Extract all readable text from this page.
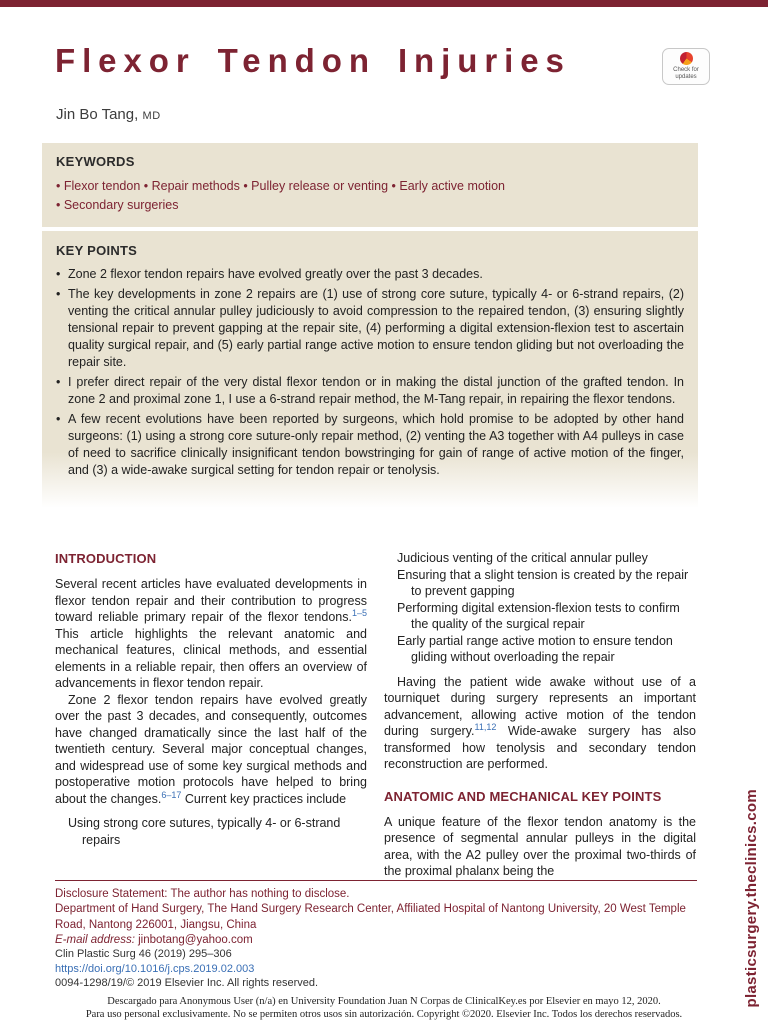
Flexor Tendon Injuries	Check for
updates
Jin Bo Tang, MD
KEYWORDS
• Flexor tendon • Repair methods • Pulley release or venting • Early active motion
• Secondary surgeries
KEY POINTS
• Zone 2 flexor tendon repairs have evolved greatly over the past 3 decades.
• The key developments in zone 2 repairs are (1) use of strong core suture, typically 4- or 6-strand repairs, (2) venting the critical annular pulley judiciously to avoid compression to the repaired tendon, (3) ensuring slightly tensional repair to prevent gapping at the repair site, (4) performing a digital extension-flexion test to ascertain quality surgical repair, and (5) early partial range active motion to ensure tendon gliding but not overloading the repair site.
• I prefer direct repair of the very distal flexor tendon or in making the distal junction of the grafted tendon. In zone 2 and proximal zone 1, I use a 6-strand repair method, the M-Tang repair, in repairing the flexor tendons.
• A few recent evolutions have been reported by surgeons, which hold promise to be adopted by other hand surgeons: (1) using a strong core suture-only repair method, (2) venting the A3 together with A4 pulleys in case of need to sacrifice clinically insignificant tendon bowstringing for gain of range of active motion of the finger, and (3) a wide-awake surgical setting for tendon repair or tenolysis.
INTRODUCTION

Several recent articles have evaluated developments in flexor tendon repair and their contribution to progress toward reliable primary repair of the flexor tendons.$^{1-5}$ This article highlights the relevant anatomic and mechanical features, clinical methods, and essential elements in a reliable repair, then offers an overview of advancements in flexor tendon repair.

Zone 2 flexor tendon repairs have evolved greatly over the past 3 decades, and consequently, outcomes have changed dramatically since the last half of the twentieth century. Several major conceptual changes, and widespread use of some key surgical methods and postoperative motion protocols have helped to bring about the changes.$^{6-17}$ Current key practices include

Using strong core sutures, typically 4- or 6-strand repairs

Judicious venting of the critical annular pulley

Ensuring that a slight tension is created by the repair to prevent gapping

Performing digital extension-flexion tests to confirm the quality of the surgical repair

Early partial range active motion to ensure tendon gliding without overloading the repair

Having the patient wide awake without use of a tourniquet during surgery represents an important advancement, allowing active motion of the tendon during surgery.$^{11,12}$ Wide-awake surgery has also transformed how tenolysis and secondary tendon reconstruction are performed.

ANATOMIC AND MECHANICAL KEY POINTS

A unique feature of the flexor tendon anatomy is the presence of segmental annular pulleys in the digital area, with the A2 pulley over the proximal two-thirds of the proximal phalanx being the

Disclosure Statement: The author has nothing to disclose.
Department of Hand Surgery, The Hand Surgery Research Center, Affiliated Hospital of Nantong University, 20 West Temple Road, Nantong 226001, Jiangsu, China
E-mail address: jinbotang@yahoo.com
Clin Plastic Surg 46 (2019) 295–306
https://doi.org/10.1016/j.cps.2019.02.003
0094-1298/19/© 2019 Elsevier Inc. All rights reserved.
Descargado para Anonymous User (n/a) en University Foundation Juan N Corpas de ClinicalKey.es por Elsevier en mayo 12, 2020.
Para uso personal exclusivamente. No se permiten otros usos sin autorización. Copyright ©2020. Elsevier Inc. Todos los derechos reservados.
plasticsurgery.theclinics.com
